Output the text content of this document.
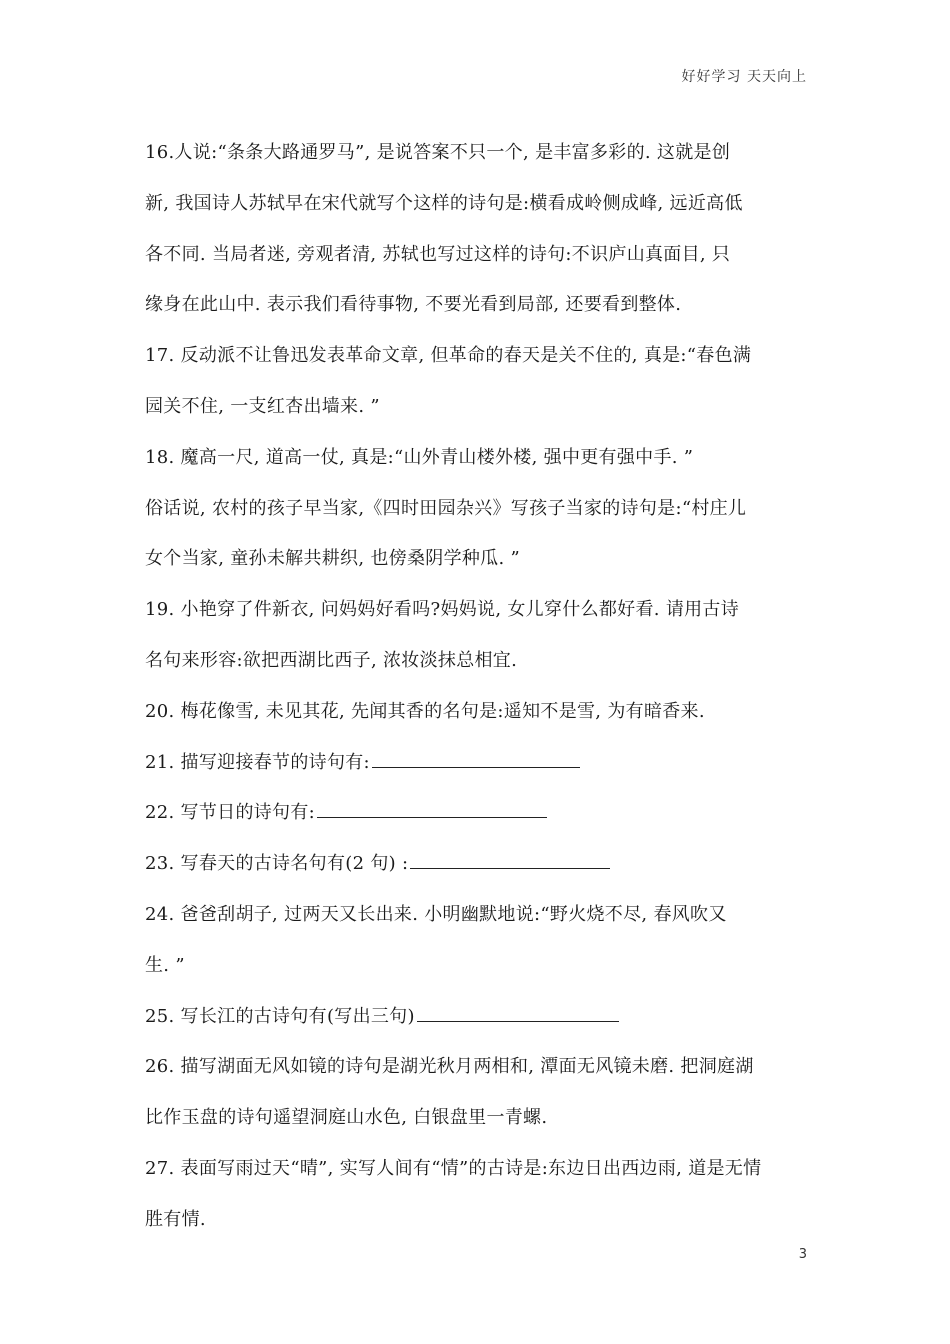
好好学习 天天向上
16.人说:“条条大路通罗马”, 是说答案不只一个, 是丰富多彩的. 这就是创
新, 我国诗人苏轼早在宋代就写个这样的诗句是:横看成岭侧成峰, 远近高低
各不同. 当局者迷, 旁观者清, 苏轼也写过这样的诗句:不识庐山真面目, 只
缘身在此山中. 表示我们看待事物, 不要光看到局部, 还要看到整体.
17. 反动派不让鲁迅发表革命文章, 但革命的春天是关不住的, 真是:“春色满
园关不住, 一支红杏出墙来. ”
18. 魔高一尺, 道高一仗, 真是:“山外青山楼外楼, 强中更有强中手. ”
俗话说, 农村的孩子早当家,《四时田园杂兴》写孩子当家的诗句是:“村庄儿
女个当家, 童孙未解共耕织, 也傍桑阴学种瓜. ”
19. 小艳穿了件新衣, 问妈妈好看吗?妈妈说, 女儿穿什么都好看. 请用古诗
名句来形容:欲把西湖比西子, 浓妆淡抹总相宜.
20. 梅花像雪, 未见其花, 先闻其香的名句是:遥知不是雪, 为有暗香来.
21. 描写迎接春节的诗句有:
22. 写节日的诗句有:
23. 写春天的古诗名句有(2 句) :
24. 爸爸刮胡子, 过两天又长出来. 小明幽默地说:“野火烧不尽, 春风吹又
生. ”
25. 写长江的古诗句有(写出三句)
26. 描写湖面无风如镜的诗句是湖光秋月两相和, 潭面无风镜未磨. 把洞庭湖
比作玉盘的诗句遥望洞庭山水色, 白银盘里一青螺.
27. 表面写雨过天“晴”, 实写人间有“情”的古诗是:东边日出西边雨, 道是无情
胜有情.
3
